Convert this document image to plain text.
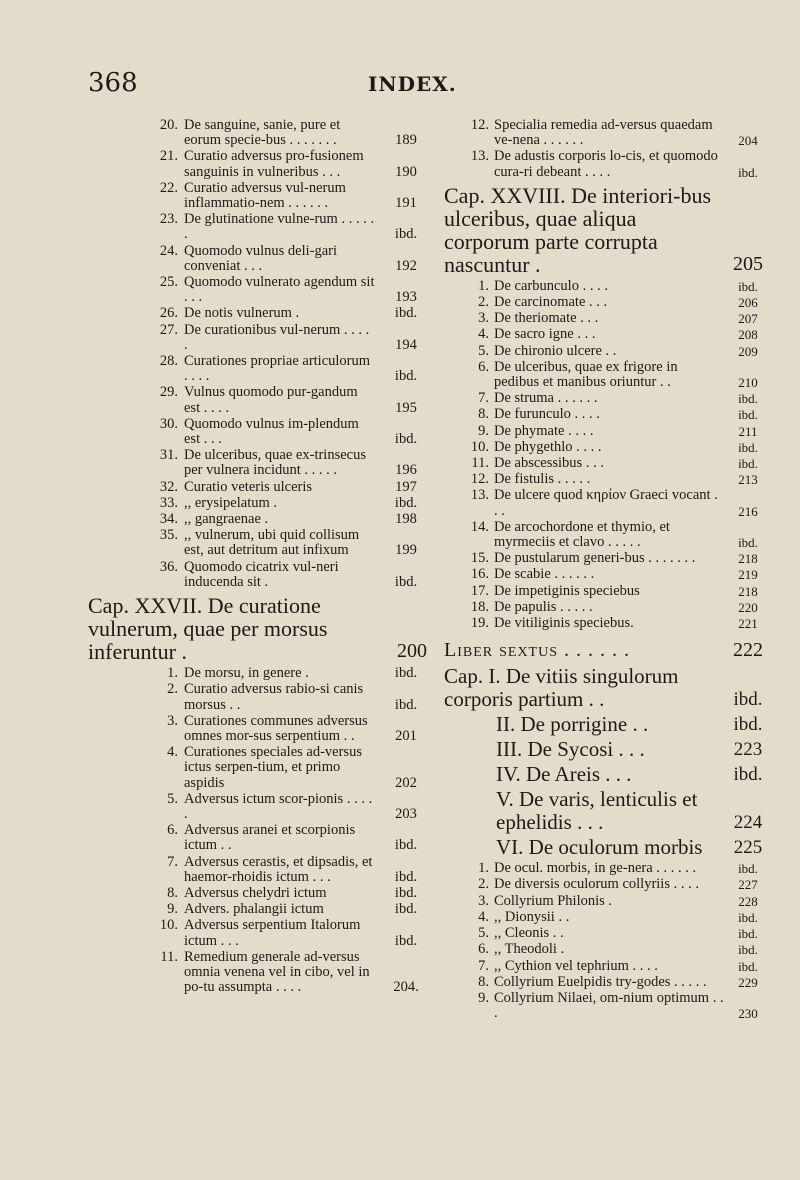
368	INDEX.
20. De sanguine, sanie, pure et eorum specie-bus . . . . . . .	189
21. Curatio adversus pro-fusionem sanguinis in vulneribus . . .	190
22. Curatio adversus vul-nerum inflammatio-nem . . . . . .	191
23. De glutinatione vulne-rum . . . . . .	ibd.
24. Quomodo vulnus deli-gari conveniat . . .	192
25. Quomodo vulnerato agendum sit . . .	193
26. De notis vulnerum .	ibd.
27. De curationibus vul-nerum . . . . .	194
28. Curationes propriae articulorum . . . .	ibd.
29. Vulnus quomodo pur-gandum est . . . .	195
30. Quomodo vulnus im-plendum est . . .	ibd.
31. De ulceribus, quae ex-trinsecus per vulnera incidunt . . . . .	196
32. Curatio veteris ulceris	197
33. ,, erysipelatum .	ibd.
34. ,, gangraenae .	198
35. ,, vulnerum, ubi quid collisum est, aut detritum aut infixum	199
36. Quomodo cicatrix vul-neri inducenda sit .	ibd.
Cap. XXVII. De curatione vulnerum, quae per morsus inferuntur .	200
1. De morsu, in genere .	ibd.
2. Curatio adversus rabio-si canis morsus . .	ibd.
3. Curationes communes adversus omnes mor-sus serpentium . .	201
4. Curationes speciales ad-versus ictus serpen-tium, et primo aspidis	202
5. Adversus ictum scor-pionis . . . . .	203
6. Adversus aranei et scorpionis ictum . .	ibd.
7. Adversus cerastis, et dipsadis, et haemor-rhoidis ictum . . .	ibd.
8. Adversus chelydri ictum	ibd.
9. Advers. phalangii ictum	ibd.
10. Adversus serpentium Italorum ictum . . .	ibd.
11. Remedium generale ad-versus omnia venena vel in cibo, vel in po-tu assumpta . . . .	204.
12. Specialia remedia ad-versus quaedam ve-nena . . . . . .	204
13. De adustis corporis lo-cis, et quomodo cura-ri debeant . . . .	ibd.
Cap. XXVIII. De interiori-bus ulceribus, quae aliqua corporum parte corrupta nascuntur .	205
1. De carbunculo . . . .	ibd.
2. De carcinomate . . .	206
3. De theriomate . . .	207
4. De sacro igne . . .	208
5. De chironio ulcere . .	209
6. De ulceribus, quae ex frigore in pedibus et manibus oriuntur . .	210
7. De struma . . . . . .	ibd.
8. De furunculo . . . .	ibd.
9. De phymate . . . .	211
10. De phygethlo . . . .	ibd.
11. De abscessibus . . .	ibd.
12. De fistulis . . . . .	213
13. De ulcere quod κηρίον Graeci vocant . . .	216
14. De arcochordone et thymio, et myrmeciis et clavo . . . . .	ibd.
15. De pustularum generi-bus . . . . . . .	218
16. De scabie . . . . . .	219
17. De impetiginis speciebus	218
18. De papulis . . . . .	220
19. De vitiliginis speciebus.	221
Liber sextus . . . . . .	222
Cap. I. De vitiis singulorum corporis partium . .	ibd.
II. De porrigine . .	ibd.
III. De Sycosi . . .	223
IV. De Areis . . .	ibd.
V. De varis, lenticulis et ephelidis . . .	224
VI. De oculorum morbis	225
1. De ocul. morbis, in ge-nera . . . . . .	ibd.
2. De diversis oculorum collyriis . . . .	227
3. Collyrium Philonis .	228
4. ,, Dionysii . .	ibd.
5. ,, Cleonis . .	ibd.
6. ,, Theodoli .	ibd.
7. ,, Cythion vel tephrium . . . .	ibd.
8. Collyrium Euelpidis try-godes . . . . .	229
9. Collyrium Nilaei, om-nium optimum . . .	230
